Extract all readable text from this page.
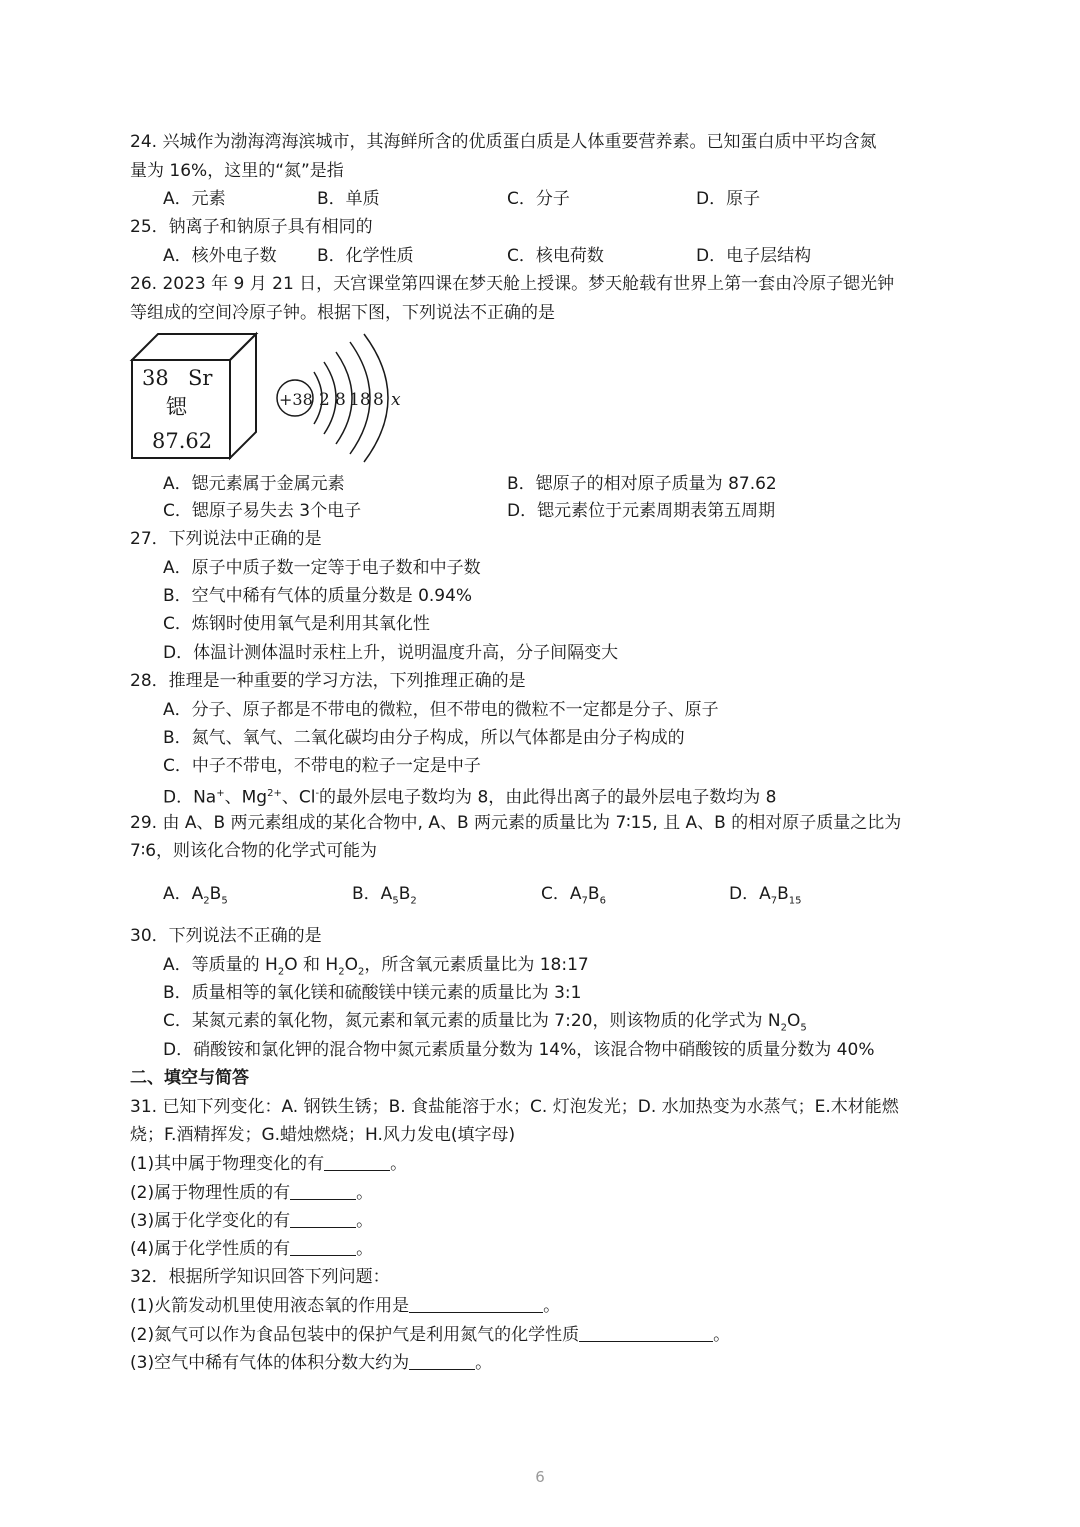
24. 兴城作为渤海湾海滨城市，其海鲜所含的优质蛋白质是人体重要营养素。已知蛋白质中平均含氮
量为 16%，这里的“氮”是指
A．元素	B．单质	C．分子	D．原子
25．钠离子和钠原子具有相同的
A．核外电子数 B．化学性质	C．核电荷数	D．电子层结构
26. 2023 年 9 月 21 日，天宫课堂第四课在梦天舱上授课。梦天舱载有世界上第一套由冷原子锶光钟
等组成的空间冷原子钟。根据下图，下列说法不正确的是
38 Sr
锶
87.62
+38 2 8 18 8 x
A．锶元素属于金属元素	B．锶原子的相对原子质量为 87.62
C．锶原子易失去 3个电子	D．锶元素位于元素周期表第五周期
27．下列说法中正确的是
A．原子中质子数一定等于电子数和中子数
B．空气中稀有气体的质量分数是 0.94%
C．炼钢时使用氧气是利用其氧化性
D．体温计测体温时汞柱上升，说明温度升高，分子间隔变大
28．推理是一种重要的学习方法，下列推理正确的是
A．分子、原子都是不带电的微粒，但不带电的微粒不一定都是分子、原子
B．氮气、氧气、二氧化碳均由分子构成，所以气体都是由分子构成的
C．中子不带电，不带电的粒子一定是中子
D．Na+、$Mg^{2+}$、Cl-的最外层电子数均为 8，由此得出离子的最外层电子数均为 8
29. 由 A、B 两元素组成的某化合物中, A、B 两元素的质量比为 7∶15, 且 A、B 的相对原子质量之比为
7∶6，则该化合物的化学式可能为
A．$A_2B_5$	B．$A_5B_2$	C．$A_7B_6$	D．$A_7B_{15}$
30．下列说法不正确的是
A．等质量的 $H_2O$ 和 $H_2O_2$，所含氧元素质量比为 18:17
B．质量相等的氧化镁和硫酸镁中镁元素的质量比为 3:1
C．某氮元素的氧化物，氮元素和氧元素的质量比为 7:20，则该物质的化学式为 $N_2O_5$
D．硝酸铵和氯化钾的混合物中氮元素质量分数为 14%，该混合物中硝酸铵的质量分数为 40%
二、填空与简答
31. 已知下列变化：A. 钢铁生锈；B. 食盐能溶于水；C. 灯泡发光；D. 水加热变为水蒸气；E.木材能燃
烧；F.酒精挥发；G.蜡烛燃烧；H.风力发电(填字母)
(1)其中属于物理变化的有	。
(2)属于物理性质的有	。
(3)属于化学变化的有	。
(4)属于化学性质的有	。
32．根据所学知识回答下列问题：
(1)火箭发动机里使用液态氧的作用是	。
(2)氮气可以作为食品包装中的保护气是利用氮气的化学性质	。
(3)空气中稀有气体的体积分数大约为	。
6
